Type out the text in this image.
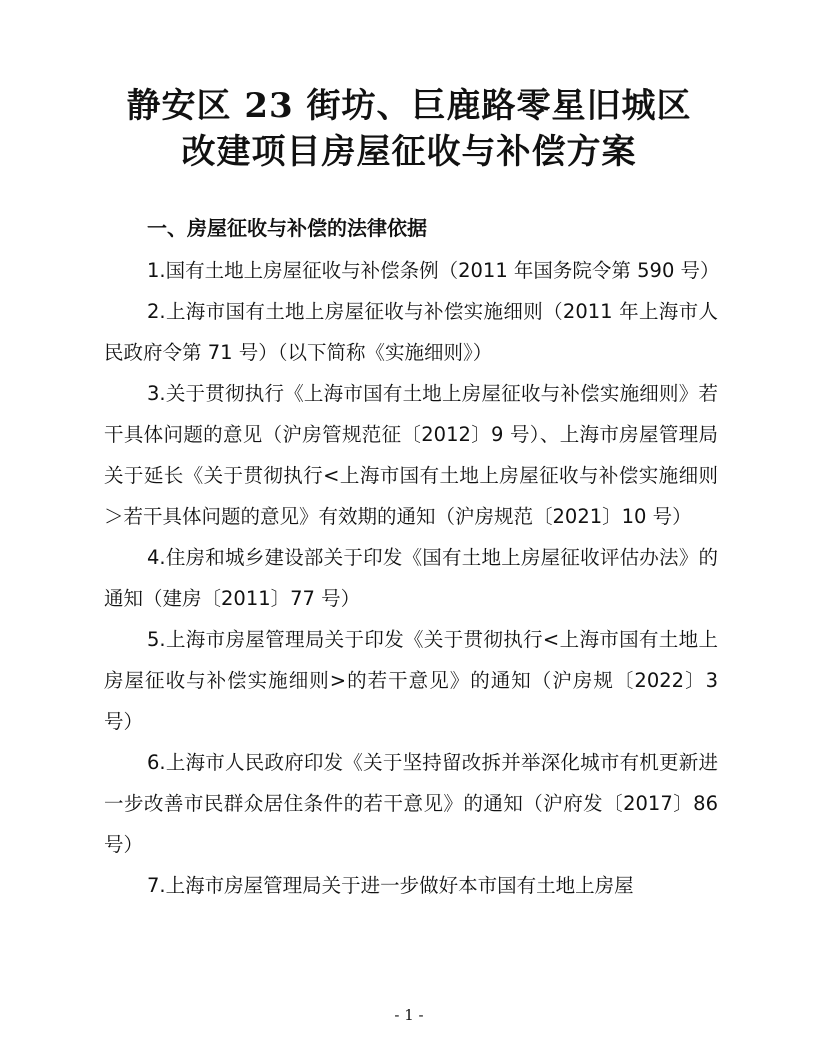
静安区 23 街坊、巨鹿路零星旧城区
改建项目房屋征收与补偿方案
一、房屋征收与补偿的法律依据

1.国有土地上房屋征收与补偿条例（2011 年国务院令第 590 号）

2.上海市国有土地上房屋征收与补偿实施细则（2011 年上海市人民政府令第 71 号）（以下简称《实施细则》）

3.关于贯彻执行《上海市国有土地上房屋征收与补偿实施细则》若干具体问题的意见（沪房管规范征〔2012〕9 号）、上海市房屋管理局关于延长《关于贯彻执行<上海市国有土地上房屋征收与补偿实施细则＞若干具体问题的意见》有效期的通知（沪房规范〔2021〕10 号）

4.住房和城乡建设部关于印发《国有土地上房屋征收评估办法》的通知（建房〔2011〕77 号）

5.上海市房屋管理局关于印发《关于贯彻执行<上海市国有土地上房屋征收与补偿实施细则>的若干意见》的通知（沪房规〔2022〕3 号）

6.上海市人民政府印发《关于坚持留改拆并举深化城市有机更新进一步改善市民群众居住条件的若干意见》的通知（沪府发〔2017〕86 号）

7.上海市房屋管理局关于进一步做好本市国有土地上房屋

- 1 -
